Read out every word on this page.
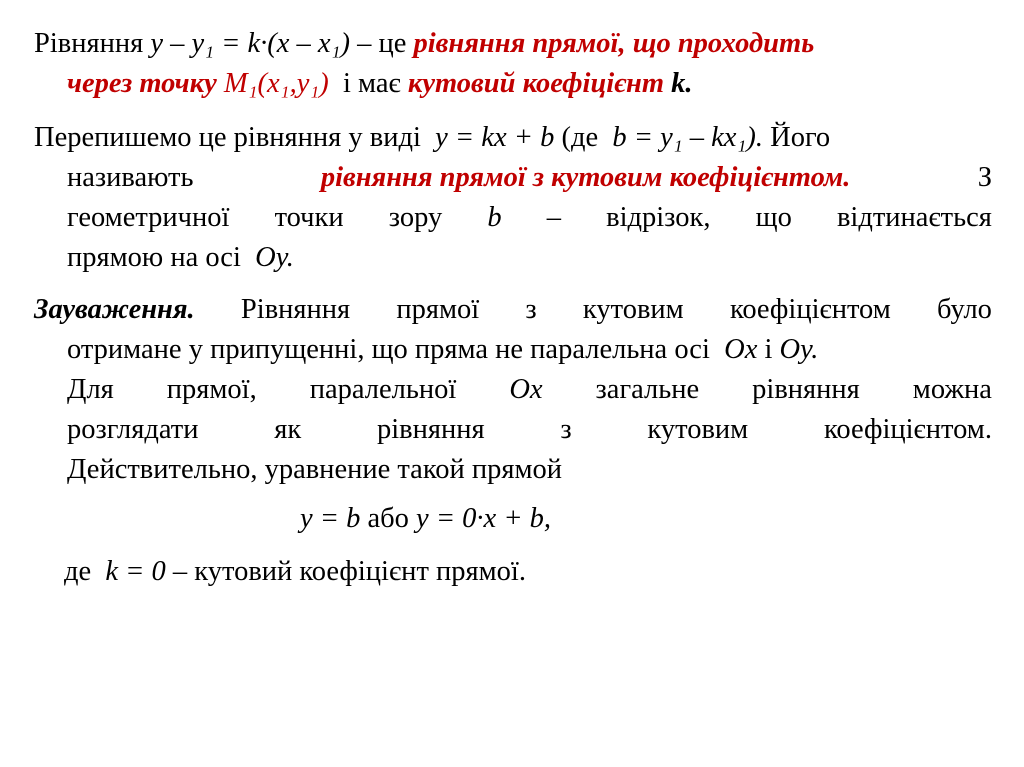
Рівняння y – y₁ = k·(x – x₁) – це рівняння прямої, що проходить
через точку M₁(x₁,y₁) і має кутовий коефіцієнт k.
Перепишемо це рівняння у виді y = kx + b (де b = y₁ – kx₁). Його
називають	рівняння прямої з кутовим коефіцієнтом.	З
геометричної точки зору b – відрізок, що відтинається
прямою на осі Oy.
Зауваження. Рівняння прямої з кутовим коефіцієнтом було
отримане у припущенні, що пряма не паралельна осі Ox і Oy.
Для прямої, паралельної Ox загальне рівняння можна
розглядати	як	рівняння	з	кутовим	коефіцієнтом.
Действительно, уравнение такой прямой
y = b або y = 0·x + b,
де k = 0 – кутовий коефіцієнт прямої.
